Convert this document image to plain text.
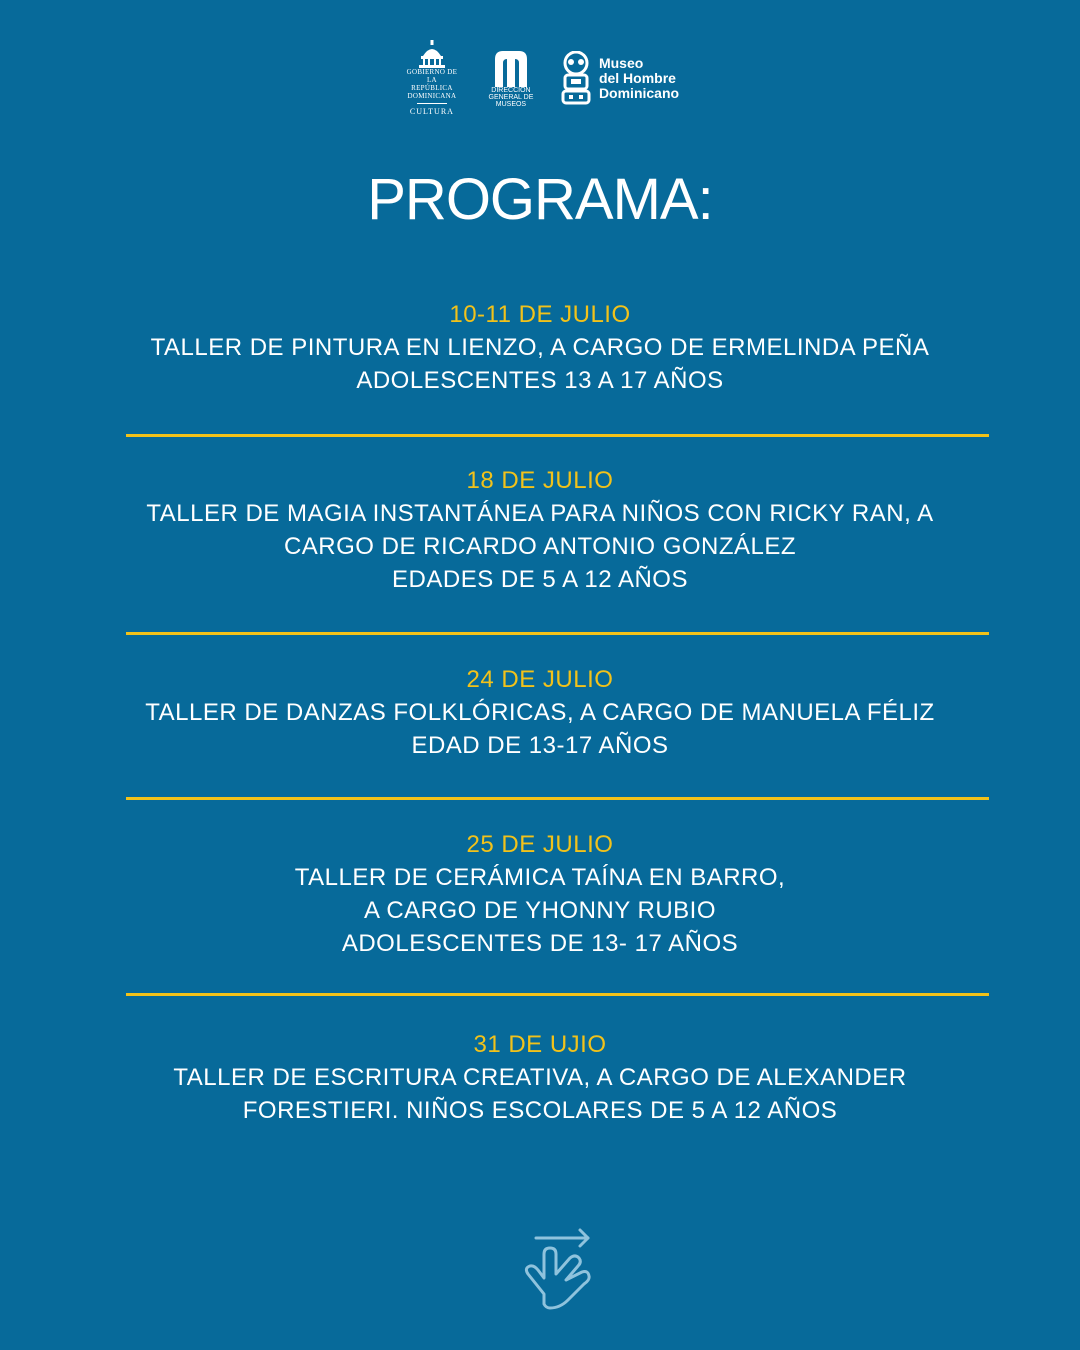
GOBIERNO DE LA
REPÚBLICA
DOMINICANA
CULTURA
DIRECCIÓN
GENERAL DE
MUSEOS
Museo
del Hombre
Dominicano
PROGRAMA:
10-11 DE JULIO
TALLER DE PINTURA EN LIENZO, A CARGO DE ERMELINDA PEÑA
ADOLESCENTES 13 A 17 AÑOS
18 DE JULIO
TALLER DE MAGIA INSTANTÁNEA PARA NIÑOS CON RICKY RAN, A
CARGO DE RICARDO ANTONIO GONZÁLEZ
EDADES DE 5 A 12 AÑOS
24 DE JULIO
TALLER DE DANZAS FOLKLÓRICAS, A CARGO DE MANUELA FÉLIZ
EDAD DE 13-17 AÑOS
25 DE JULIO
TALLER DE CERÁMICA TAÍNA EN BARRO,
A CARGO DE YHONNY RUBIO
ADOLESCENTES DE 13- 17 AÑOS
31 DE UJIO
TALLER DE ESCRITURA CREATIVA, A CARGO DE ALEXANDER
FORESTIERI. NIÑOS ESCOLARES DE 5 A 12 AÑOS
